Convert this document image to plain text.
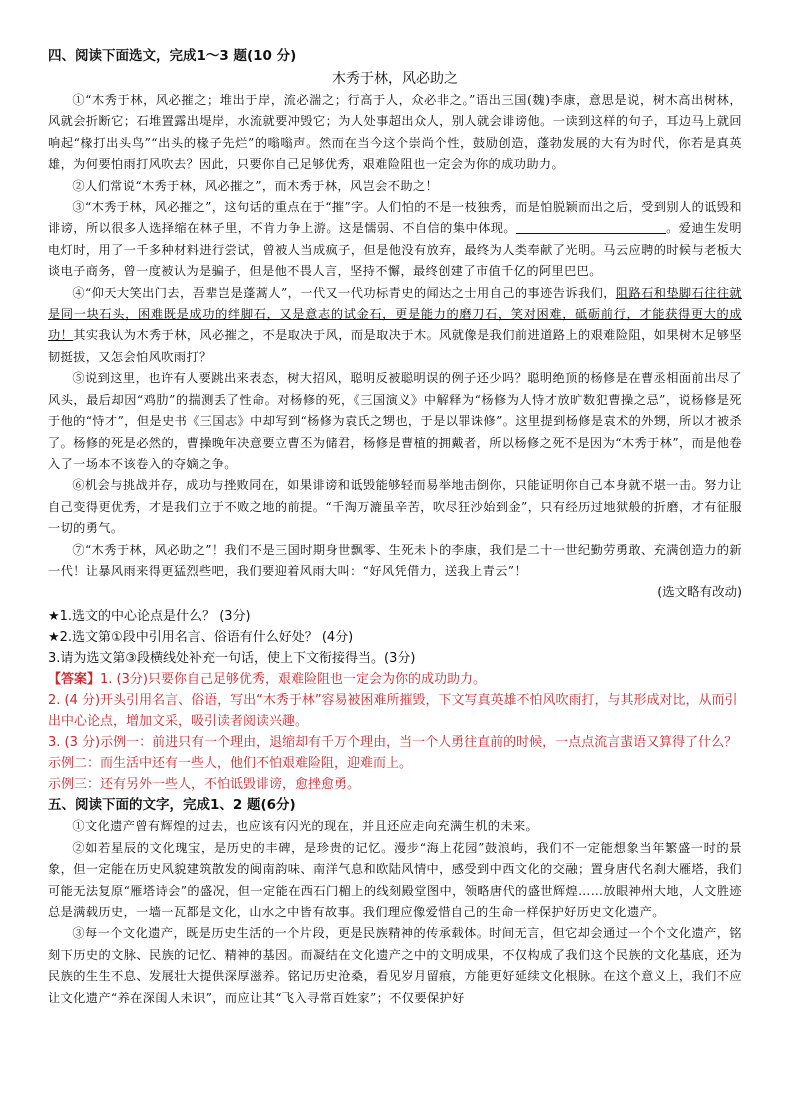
四、阅读下面选文，完成1～3 题(10 分)

木秀于林，风必助之

①“木秀于林，风必摧之；堆出于岸，流必湍之；行高于人，众必非之。”语出三国(魏)李康，意思是说，树木高出树林，风就会折断它；石堆置露出堤岸，水流就要冲毁它；为人处事超出众人，别人就会诽谤他。一读到这样的句子，耳边马上就回响起“椽打出头鸟”“出头的椽子先烂”的嗡嗡声。然而在当今这个崇尚个性，鼓励创造，蓬勃发展的大有为时代，你若是真英雄，为何要怕雨打风吹去？因此，只要你自己足够优秀，艰难险阻也一定会为你的成功助力。

②人们常说“木秀于林，风必摧之”，而木秀于林，风岂会不助之！

③“木秀于林，风必摧之”，这句话的重点在于“摧”字。人们怕的不是一枝独秀，而是怕脱颖而出之后，受到别人的诋毁和诽谤，所以很多人选择缩在林子里，不肯力争上游。这是懦弱、不自信的集中体现。	。爱迪生发明电灯时，用了一千多种材料进行尝试，曾被人当成疯子，但是他没有放弃，最终为人类奉献了光明。马云应聘的时候与老板大谈电子商务，曾一度被认为是骗子，但是他不畏人言，坚持不懈，最终创建了市值千亿的阿里巴巴。

④“仰天大笑出门去，吾辈岂是蓬蒿人”，一代又一代功标青史的闻达之士用自己的事迹告诉我们，阻路石和垫脚石往往就是同一块石头，困难既是成功的绊脚石，又是意志的试金石，更是能力的磨刀石，笑对困难，砥砺前行，才能获得更大的成功！其实我认为木秀于林，风必摧之，不是取决于风，而是取决于木。风就像是我们前进道路上的艰难险阻，如果树木足够坚韧挺拔，又怎会怕风吹雨打？

⑤说到这里，也许有人要跳出来表态，树大招风，聪明反被聪明误的例子还少吗？聪明绝顶的杨修是在曹丞相面前出尽了风头，最后却因“鸡肋”的揣测丢了性命。对杨修的死，《三国演义》中解释为“杨修为人恃才放旷数犯曹操之忌”，说杨修是死于他的“恃才”，但是史书《三国志》中却写到“杨修为袁氏之甥也，于是以罪诛修”。这里提到杨修是袁术的外甥，所以才被杀了。杨修的死是必然的，曹操晚年决意要立曹丕为储君，杨修是曹植的拥戴者，所以杨修之死不是因为“木秀于林”，而是他卷入了一场本不该卷入的夺嫡之争。

⑥机会与挑战并存，成功与挫败同在，如果诽谤和诋毁能够轻而易举地击倒你，只能证明你自己本身就不堪一击。努力让自己变得更优秀，才是我们立于不败之地的前提。“千淘万漉虽辛苦，吹尽狂沙始到金”，只有经历过地狱般的折磨，才有征服一切的勇气。

⑦“木秀于林，风必助之”！我们不是三国时期身世飘零、生死未卜的李康，我们是二十一世纪勤劳勇敢、充满创造力的新一代！让暴风雨来得更猛烈些吧，我们要迎着风雨大叫：“好风凭借力，送我上青云”！

(选文略有改动)

★1.选文的中心论点是什么？ (3分)

★2.选文第①段中引用名言、俗语有什么好处？ (4分)

3.请为选文第③段横线处补充一句话，使上下文衔接得当。(3分)

【答案】1. (3分)只要你自己足够优秀，艰难险阻也一定会为你的成功助力。

2. (4 分)开头引用名言、俗语，写出“木秀于林”容易被困难所摧毁，下文写真英雄不怕风吹雨打，与其形成对比，从而引出中心论点，增加文采，吸引读者阅读兴趣。

3. (3 分)示例一：前进只有一个理由，退缩却有千万个理由，当一个人勇往直前的时候，一点点流言蜚语又算得了什么？

示例二：而生活中还有一些人，他们不怕艰难险阻，迎难而上。

示例三：还有另外一些人，不怕诋毁诽谤，愈挫愈勇。

五、阅读下面的文字，完成1、2 题(6分)

①文化遗产曾有辉煌的过去，也应该有闪光的现在，并且还应走向充满生机的未来。

②如若星辰的文化瑰宝，是历史的丰碑，是珍贵的记忆。漫步“海上花园”鼓浪屿，我们不一定能想象当年繁盛一时的景象，但一定能在历史风貌建筑散发的闽南韵味、南洋气息和欧陆风情中，感受到中西文化的交融；置身唐代名刹大雁塔，我们可能无法复原“雁塔诗会”的盛况，但一定能在西石门楣上的线刻殿堂图中，领略唐代的盛世辉煌……放眼神州大地，人文胜迹总是满载历史，一墙一瓦都是文化，山水之中皆有故事。我们理应像爱惜自己的生命一样保护好历史文化遗产。

③每一个文化遗产，既是历史生活的一个片段，更是民族精神的传承载体。时间无言，但它却会通过一个个文化遗产，铭刻下历史的文脉、民族的记忆、精神的基因。而凝结在文化遗产之中的文明成果，不仅构成了我们这个民族的文化基底，还为民族的生生不息、发展壮大提供深厚滋养。铭记历史沧桑，看见岁月留痕，方能更好延续文化根脉。在这个意义上，我们不应让文化遗产“养在深闺人未识”，而应让其“飞入寻常百姓家”；不仅要保护好
